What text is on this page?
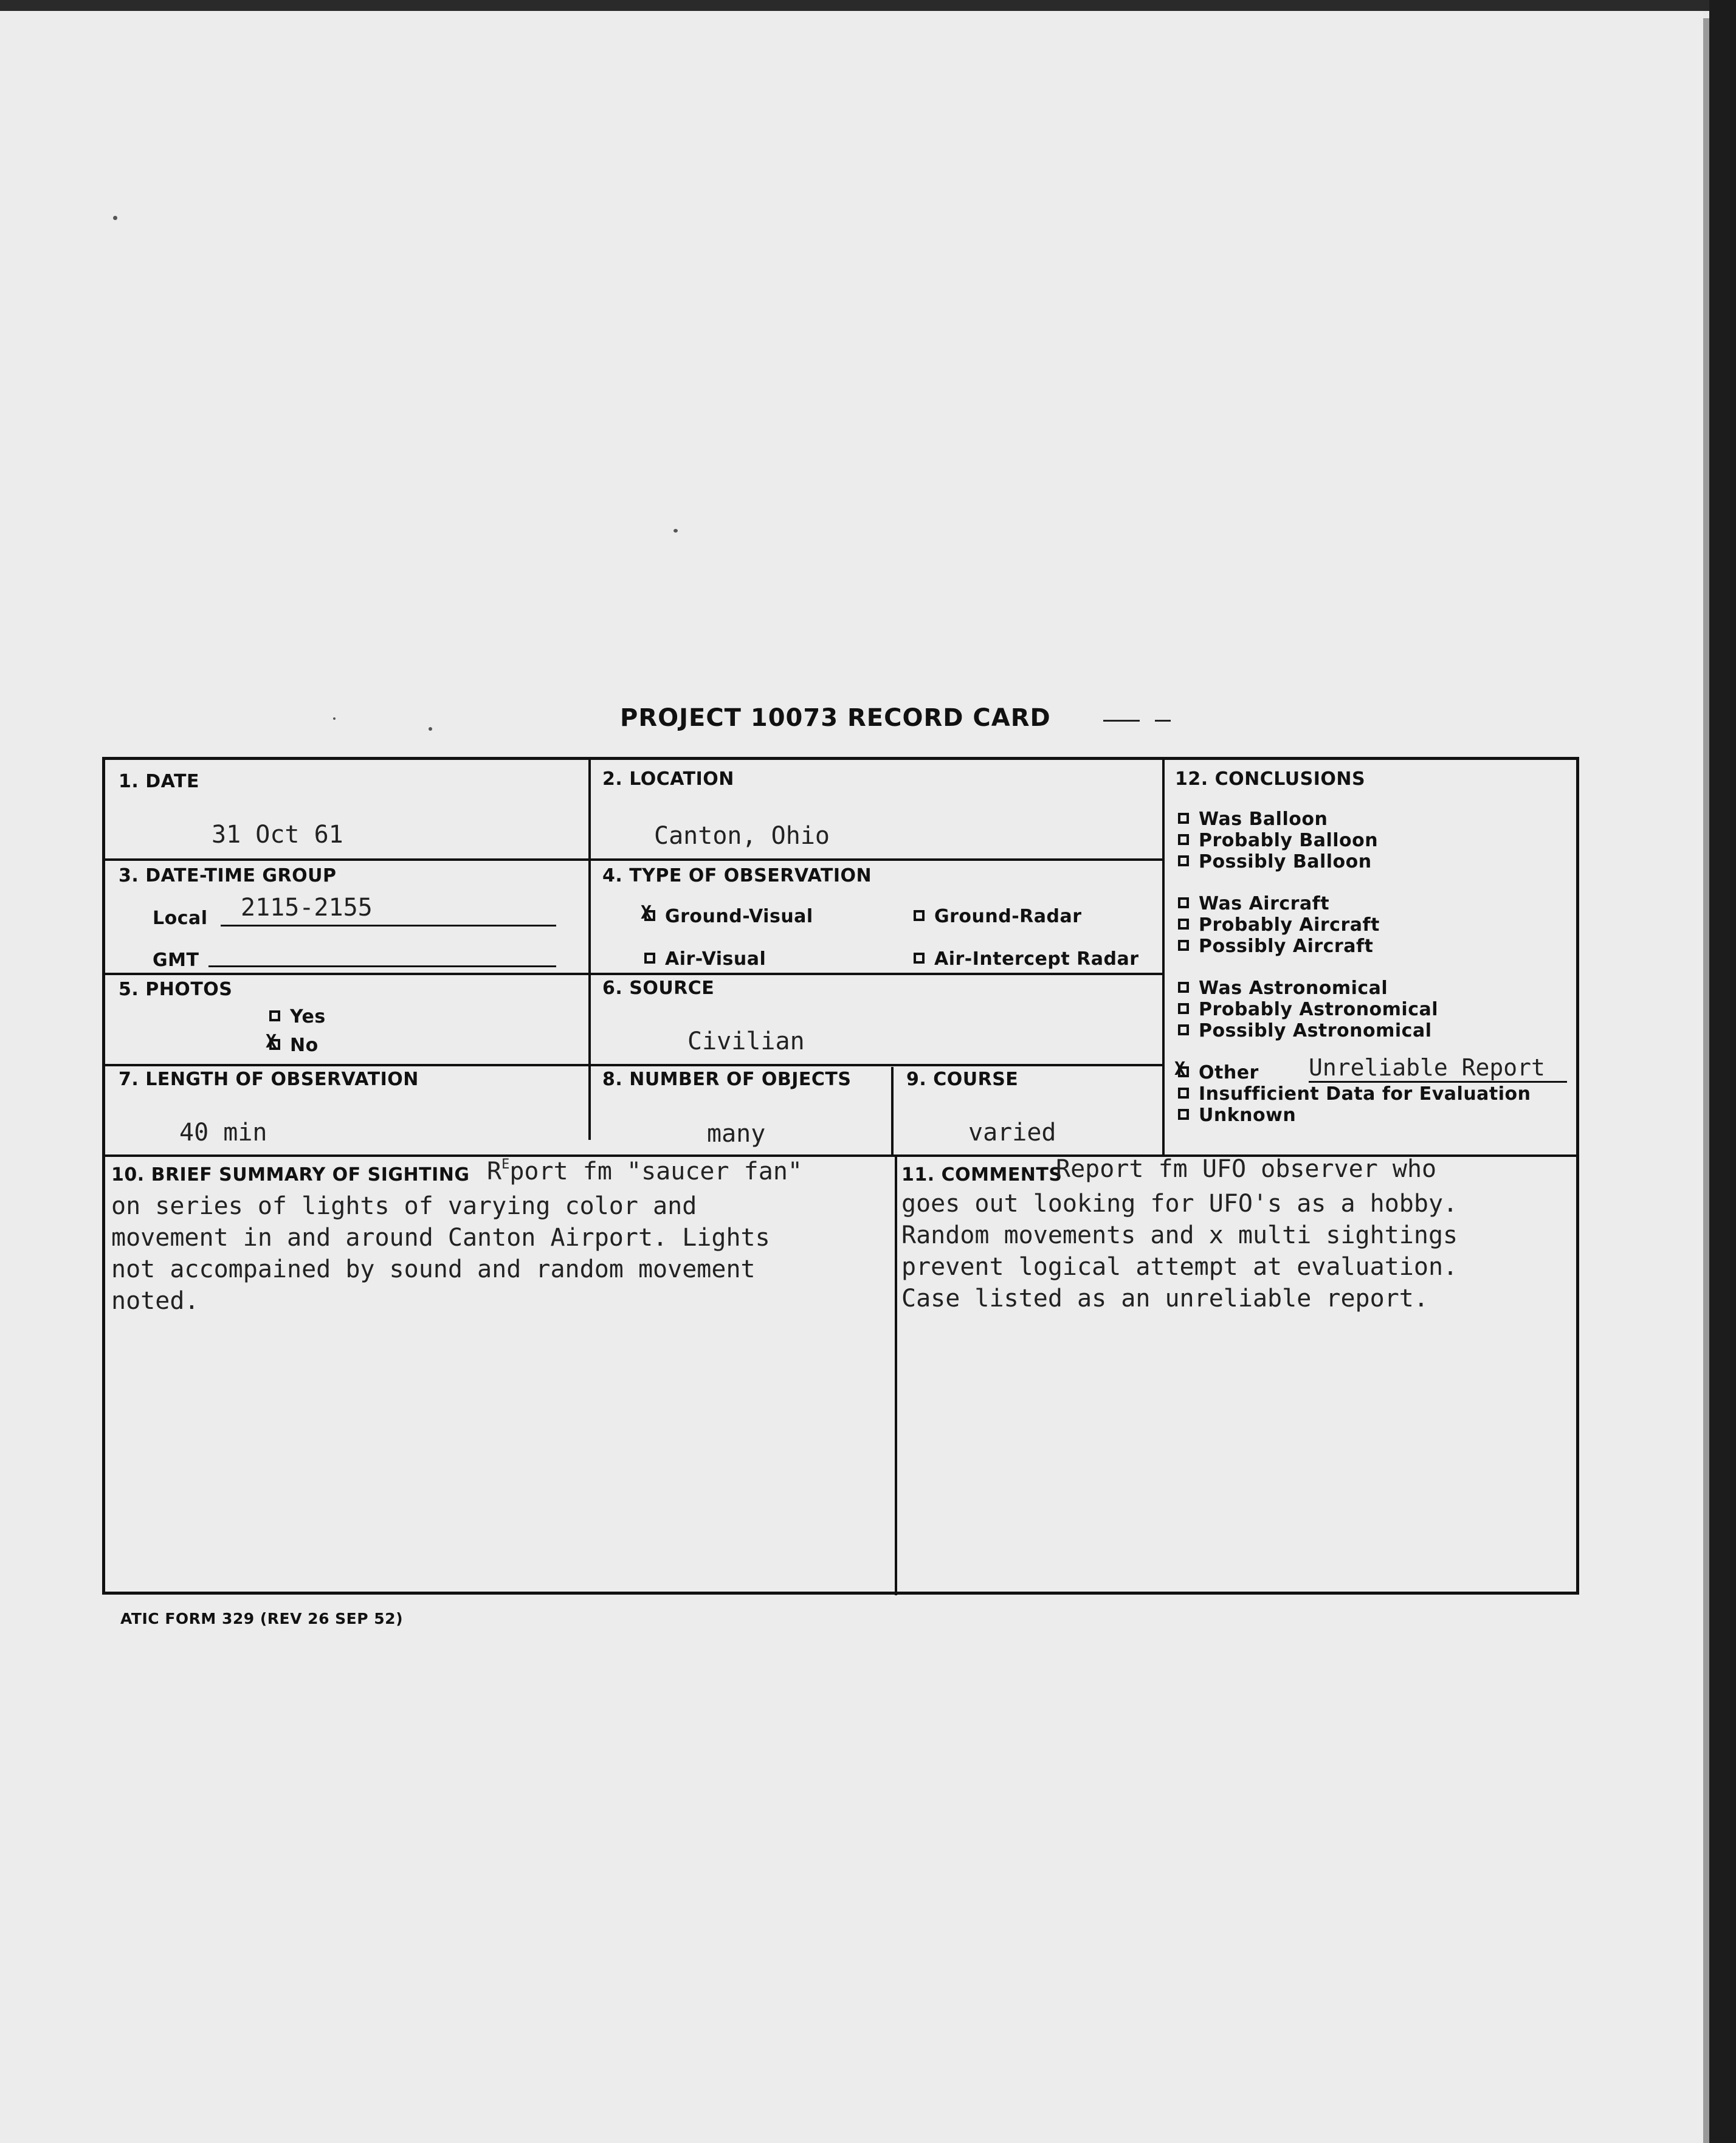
PROJECT 10073 RECORD CARD
1. DATE
31 Oct 61
2. LOCATION
Canton, Ohio
3. DATE-TIME GROUP
Local 2115-2155
GMT
4. TYPE OF OBSERVATION
X Ground-Visual	Ground-Radar
Air-Visual	Air-Intercept Radar
5. PHOTOS
Yes
X No
6. SOURCE
Civilian
7. LENGTH OF OBSERVATION
40 min
8. NUMBER OF OBJECTS
many
9. COURSE
varied
12. CONCLUSIONS
Was Balloon
Probably Balloon
Possibly Balloon
Was Aircraft
Probably Aircraft
Possibly Aircraft
Was Astronomical
Probably Astronomical
Possibly Astronomical
X Other Unreliable Report
Insufficient Data for Evaluation
Unknown
10. BRIEF SUMMARY OF SIGHTING $R^Eport$ fm "saucer fan"
on series of lights of varying color and
movement in and around Canton Airport. Lights
not accompained by sound and random movement
noted.
11. COMMENTS
Report fm UFO observer who
goes out looking for UFO's as a hobby.
Random movements and x multi sightings
prevent logical attempt at evaluation.
Case listed as an unreliable report.
ATIC FORM 329 (REV 26 SEP 52)
